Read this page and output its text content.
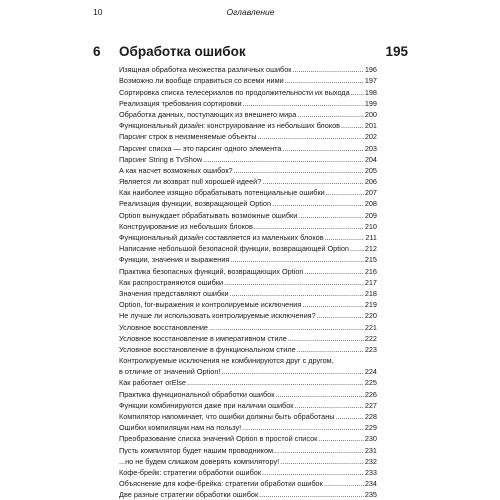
10	Оглавление
6 Обработка ошибок	195
Изящная обработка множества различных ошибок .....	196
Возможно ли вообще справиться со всеми ними .....	197
Сортировка списка телесериалов по продолжительности их выхода ..... 198
Реализация требования сортировки .....	199
Обработка данных, поступающих из внешнего мира .....	200
Функциональный дизайн: конструирование из небольших блоков .....	201
Парсинг строк в неизменяемые объекты .....	202
Парсинг списка — это парсинг одного элемента .....	203
Парсинг String в TvShow .....	204
А как насчет возможных ошибок? .....	205
Является ли возврат null хорошей идеей? .....	206
Как наиболее изящно обрабатывать потенциальные ошибки .....	207
Реализация функции, возвращающей Option .....	208
Option вынуждает обрабатывать возможные ошибки .....	209
Конструирование из небольших блоков .....	210
Функциональный дизайн составляется из маленьких блоков .....	211
Написание небольшой безопасной функции, возвращающей Option ..... 212
Функции, значения и выражения .....	215
Практика безопасных функций, возвращающих Option .....	216
Как распространяются ошибки .....	217
Значения представляют ошибки .....	218
Option, for-выражения и контролируемые исключения .....	219
Не лучше ли использовать контролируемые исключения? .....	220
Условное восстановление .....	221
Условное восстановление в императивном стиле .....	222
Условное восстановление в функциональном стиле .....	223
Контролируемые исключения не комбинируются друг с другом,
в отличие от значений Option! .....	224
Как работает orElse .....	225
Практика функциональной обработки ошибок .....	226
Функции комбинируются даже при наличии ошибок .....	227
Компилятор напоминает, что ошибки должны быть обработаны .....	228
Ошибки компиляции нам на пользу! .....	229
Преобразование списка значений Option в простой список .....	230
Пусть компилятор будет нашим проводником... .....	231
...но не будем слишком доверять компилятору! .....	232
Кофе-брейк: стратегии обработки ошибок .....	233
Объяснение для кофе-брейка: стратегии обработки ошибок .....	234
Две разные стратегии обработки ошибок .....	235
